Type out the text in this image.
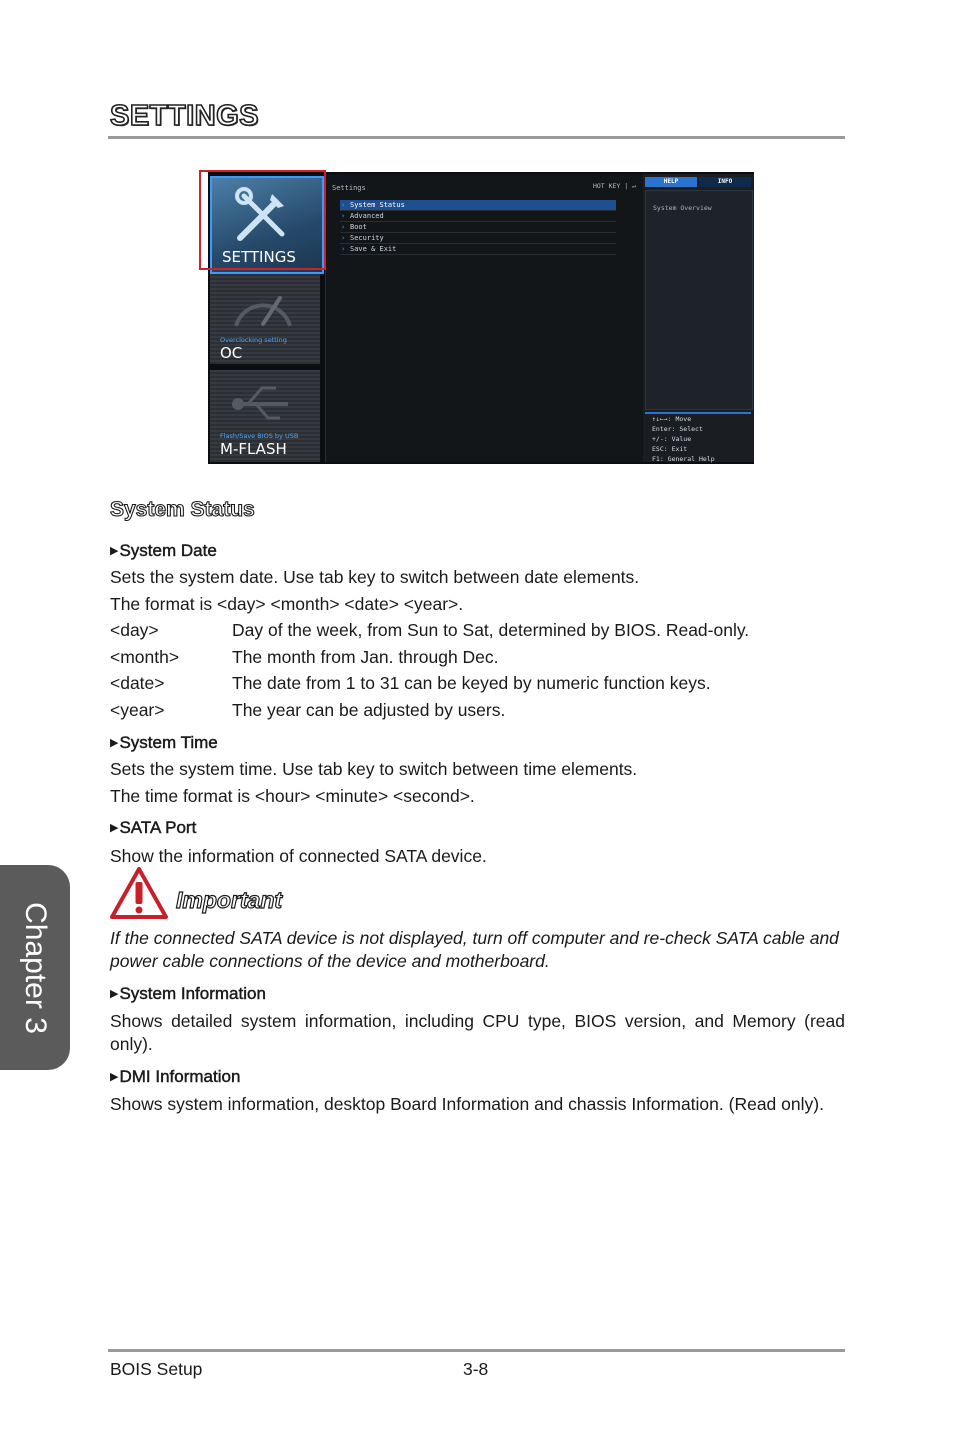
SETTINGS
SETTINGS
Overclocking setting
OC
Flash/Save BIOS by USB
M-FLASH
Settings	HOT KEY | ↵
› System Status
› Advanced
› Boot
› Security
› Save & Exit
HELP	INFO
System Overview
↑↓←→: Move
Enter: Select
+/-: Value
ESC: Exit
F1: General Help
System Status
▶System Date
Sets the system date. Use tab key to switch between date elements.
The format is <day> <month> <date> <year>.
<day>	Day of the week, from Sun to Sat, determined by BIOS. Read-only.
<month>	The month from Jan. through Dec.
<date>	The date from 1 to 31 can be keyed by numeric function keys.
<year>	The year can be adjusted by users.
▶System Time
Sets the system time. Use tab key to switch between time elements.
The time format is <hour> <minute> <second>.
▶SATA Port
Show the information of connected SATA device.
Important
If the connected SATA device is not displayed, turn off computer and re-check SATA cable and power cable connections of the device and motherboard.
▶System Information
Shows detailed system information, including CPU type, BIOS version, and Memory (read only).
▶DMI Information
Shows system information, desktop Board Information and chassis Information. (Read only).
Chapter 3
BOIS Setup	3-8
